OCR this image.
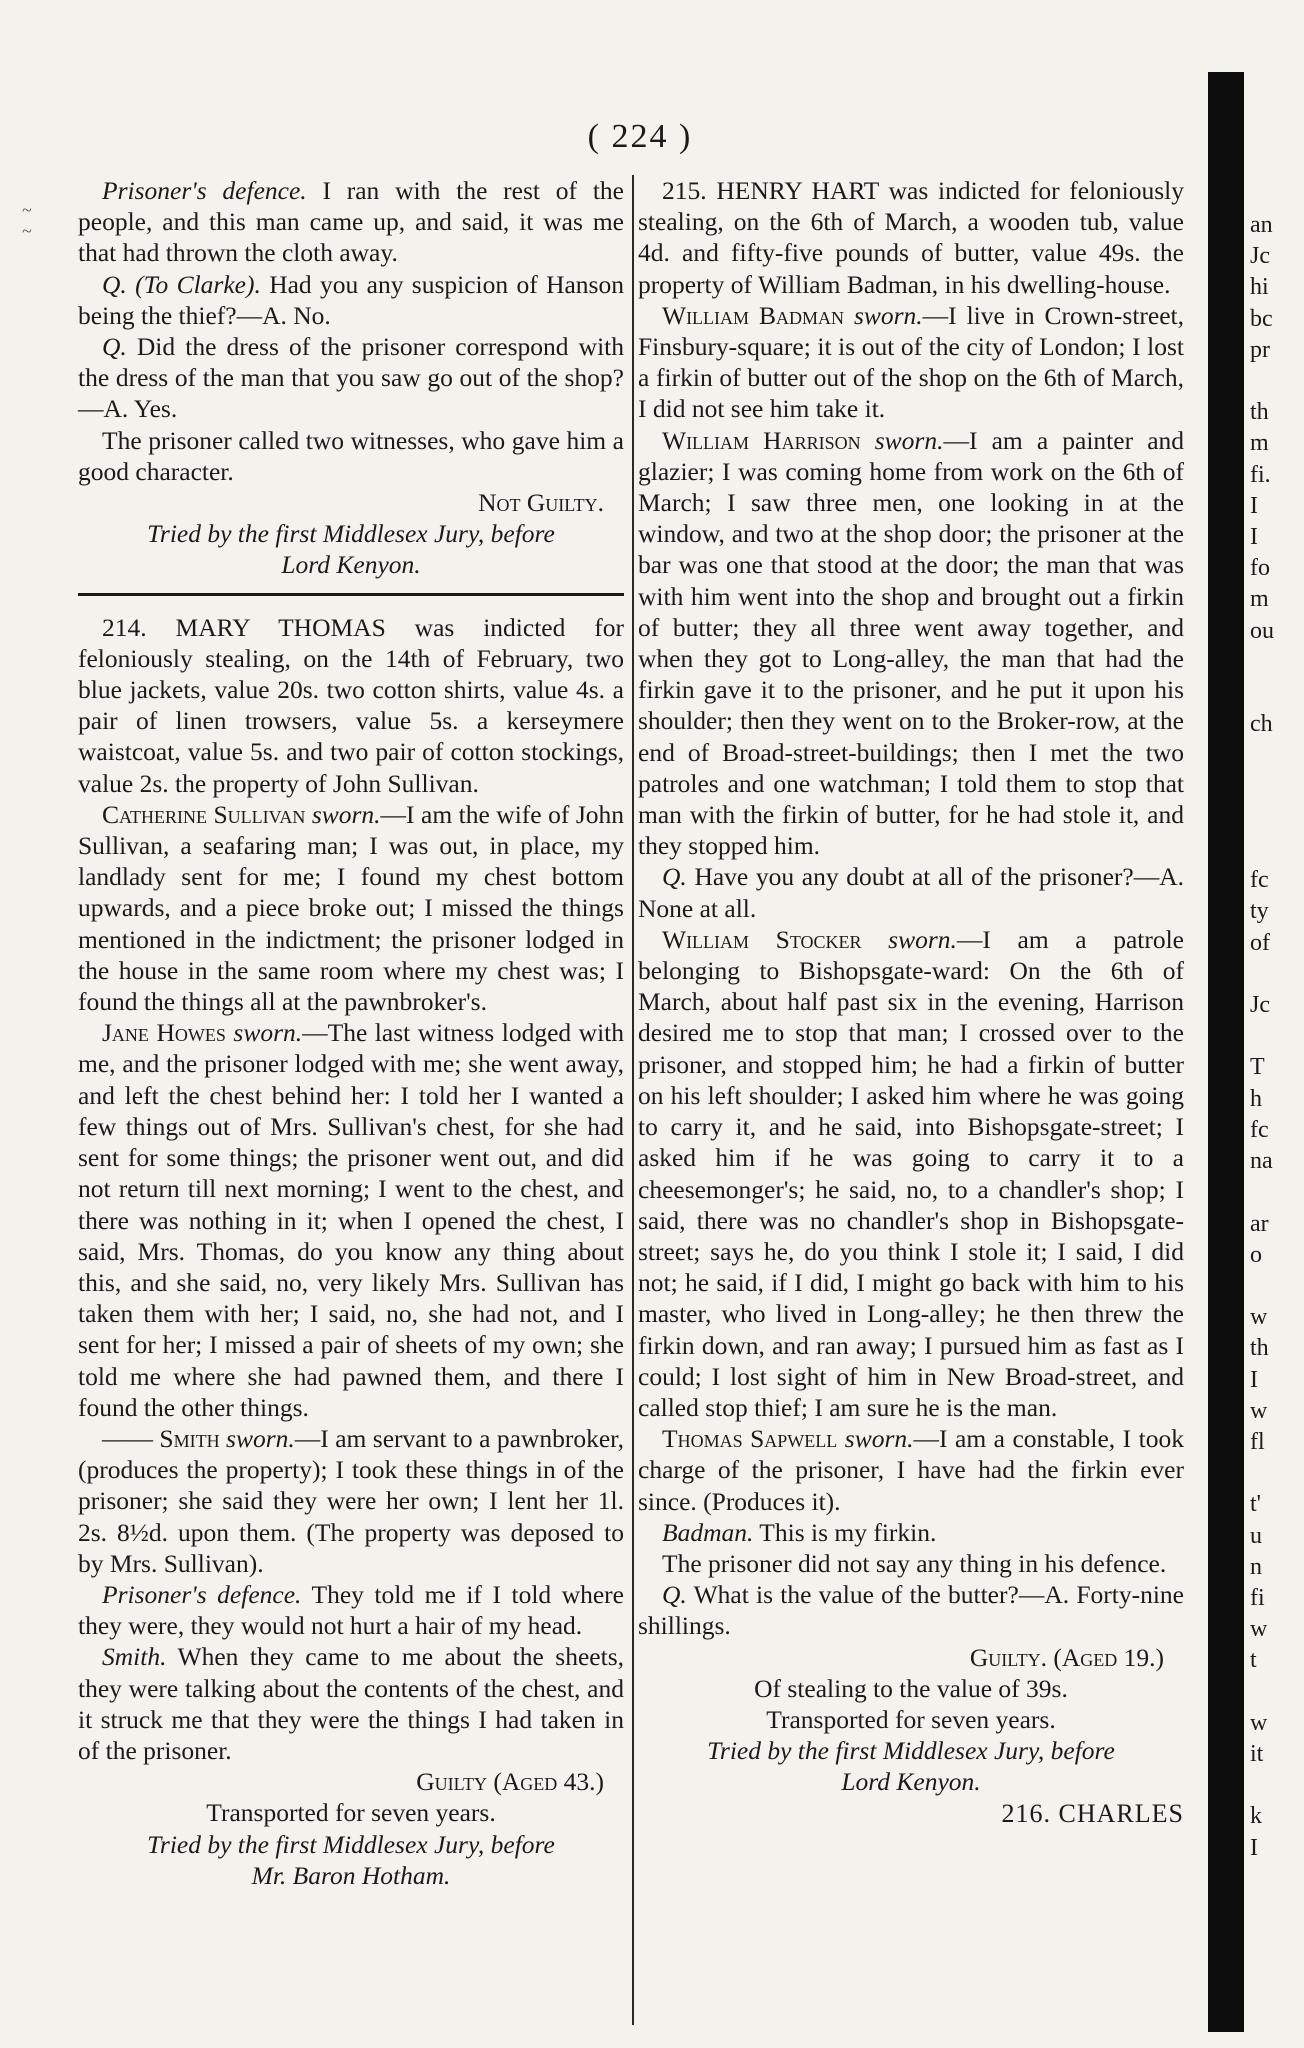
( 224 )
~
~

Prisoner's defence. I ran with the rest of the people, and this man came up, and said, it was me that had thrown the cloth away.

Q. (To Clarke). Had you any suspicion of Hanson being the thief?—A. No.

Q. Did the dress of the prisoner correspond with the dress of the man that you saw go out of the shop?—A. Yes.

The prisoner called two witnesses, who gave him a good character.

Not Guilty.

Tried by the first Middlesex Jury, before

Lord Kenyon.

214. MARY THOMAS was indicted for feloniously stealing, on the 14th of February, two blue jackets, value 20s. two cotton shirts, value 4s. a pair of linen trowsers, value 5s. a kerseymere waistcoat, value 5s. and two pair of cotton stockings, value 2s. the property of John Sullivan.

Catherine Sullivan sworn.—I am the wife of John Sullivan, a seafaring man; I was out, in place, my landlady sent for me; I found my chest bottom upwards, and a piece broke out; I missed the things mentioned in the indictment; the prisoner lodged in the house in the same room where my chest was; I found the things all at the pawnbroker's.

Jane Howes sworn.—The last witness lodged with me, and the prisoner lodged with me; she went away, and left the chest behind her: I told her I wanted a few things out of Mrs. Sullivan's chest, for she had sent for some things; the prisoner went out, and did not return till next morning; I went to the chest, and there was nothing in it; when I opened the chest, I said, Mrs. Thomas, do you know any thing about this, and she said, no, very likely Mrs. Sullivan has taken them with her; I said, no, she had not, and I sent for her; I missed a pair of sheets of my own; she told me where she had pawned them, and there I found the other things.

—— Smith sworn.—I am servant to a pawnbroker, (produces the property); I took these things in of the prisoner; she said they were her own; I lent her 1l. 2s. 8½d. upon them. (The property was deposed to by Mrs. Sullivan).

Prisoner's defence. They told me if I told where they were, they would not hurt a hair of my head.

Smith. When they came to me about the sheets, they were talking about the contents of the chest, and it struck me that they were the things I had taken in of the prisoner.

Guilty (Aged 43.)

Transported for seven years.

Tried by the first Middlesex Jury, before

Mr. Baron Hotham.

215. HENRY HART was indicted for feloniously stealing, on the 6th of March, a wooden tub, value 4d. and fifty-five pounds of butter, value 49s. the property of William Badman, in his dwelling-house.

William Badman sworn.—I live in Crown-street, Finsbury-square; it is out of the city of London; I lost a firkin of butter out of the shop on the 6th of March, I did not see him take it.

William Harrison sworn.—I am a painter and glazier; I was coming home from work on the 6th of March; I saw three men, one looking in at the window, and two at the shop door; the prisoner at the bar was one that stood at the door; the man that was with him went into the shop and brought out a firkin of butter; they all three went away together, and when they got to Long-alley, the man that had the firkin gave it to the prisoner, and he put it upon his shoulder; then they went on to the Broker-row, at the end of Broad-street-buildings; then I met the two patroles and one watchman; I told them to stop that man with the firkin of butter, for he had stole it, and they stopped him.

Q. Have you any doubt at all of the prisoner?—A. None at all.

William Stocker sworn.—I am a patrole belonging to Bishopsgate-ward: On the 6th of March, about half past six in the evening, Harrison desired me to stop that man; I crossed over to the prisoner, and stopped him; he had a firkin of butter on his left shoulder; I asked him where he was going to carry it, and he said, into Bishopsgate-street; I asked him if he was going to carry it to a cheesemonger's; he said, no, to a chandler's shop; I said, there was no chandler's shop in Bishopsgate-street; says he, do you think I stole it; I said, I did not; he said, if I did, I might go back with him to his master, who lived in Long-alley; he then threw the firkin down, and ran away; I pursued him as fast as I could; I lost sight of him in New Broad-street, and called stop thief; I am sure he is the man.

Thomas Sapwell sworn.—I am a constable, I took charge of the prisoner, I have had the firkin ever since. (Produces it).

Badman. This is my firkin.

The prisoner did not say any thing in his defence.

Q. What is the value of the butter?—A. Forty-nine shillings.

Guilty. (Aged 19.)

Of stealing to the value of 39s.

Transported for seven years.

Tried by the first Middlesex Jury, before

Lord Kenyon.

216. CHARLES

an
Jc
hi
bc
pr

th
m
fi.
I
I
fo
m
ou

ch

fc
ty
of

Jc

T
h
fc
na

ar
o

w
th
I
w
fl

t'
u
n
fi
w
t

w
it

k
I
